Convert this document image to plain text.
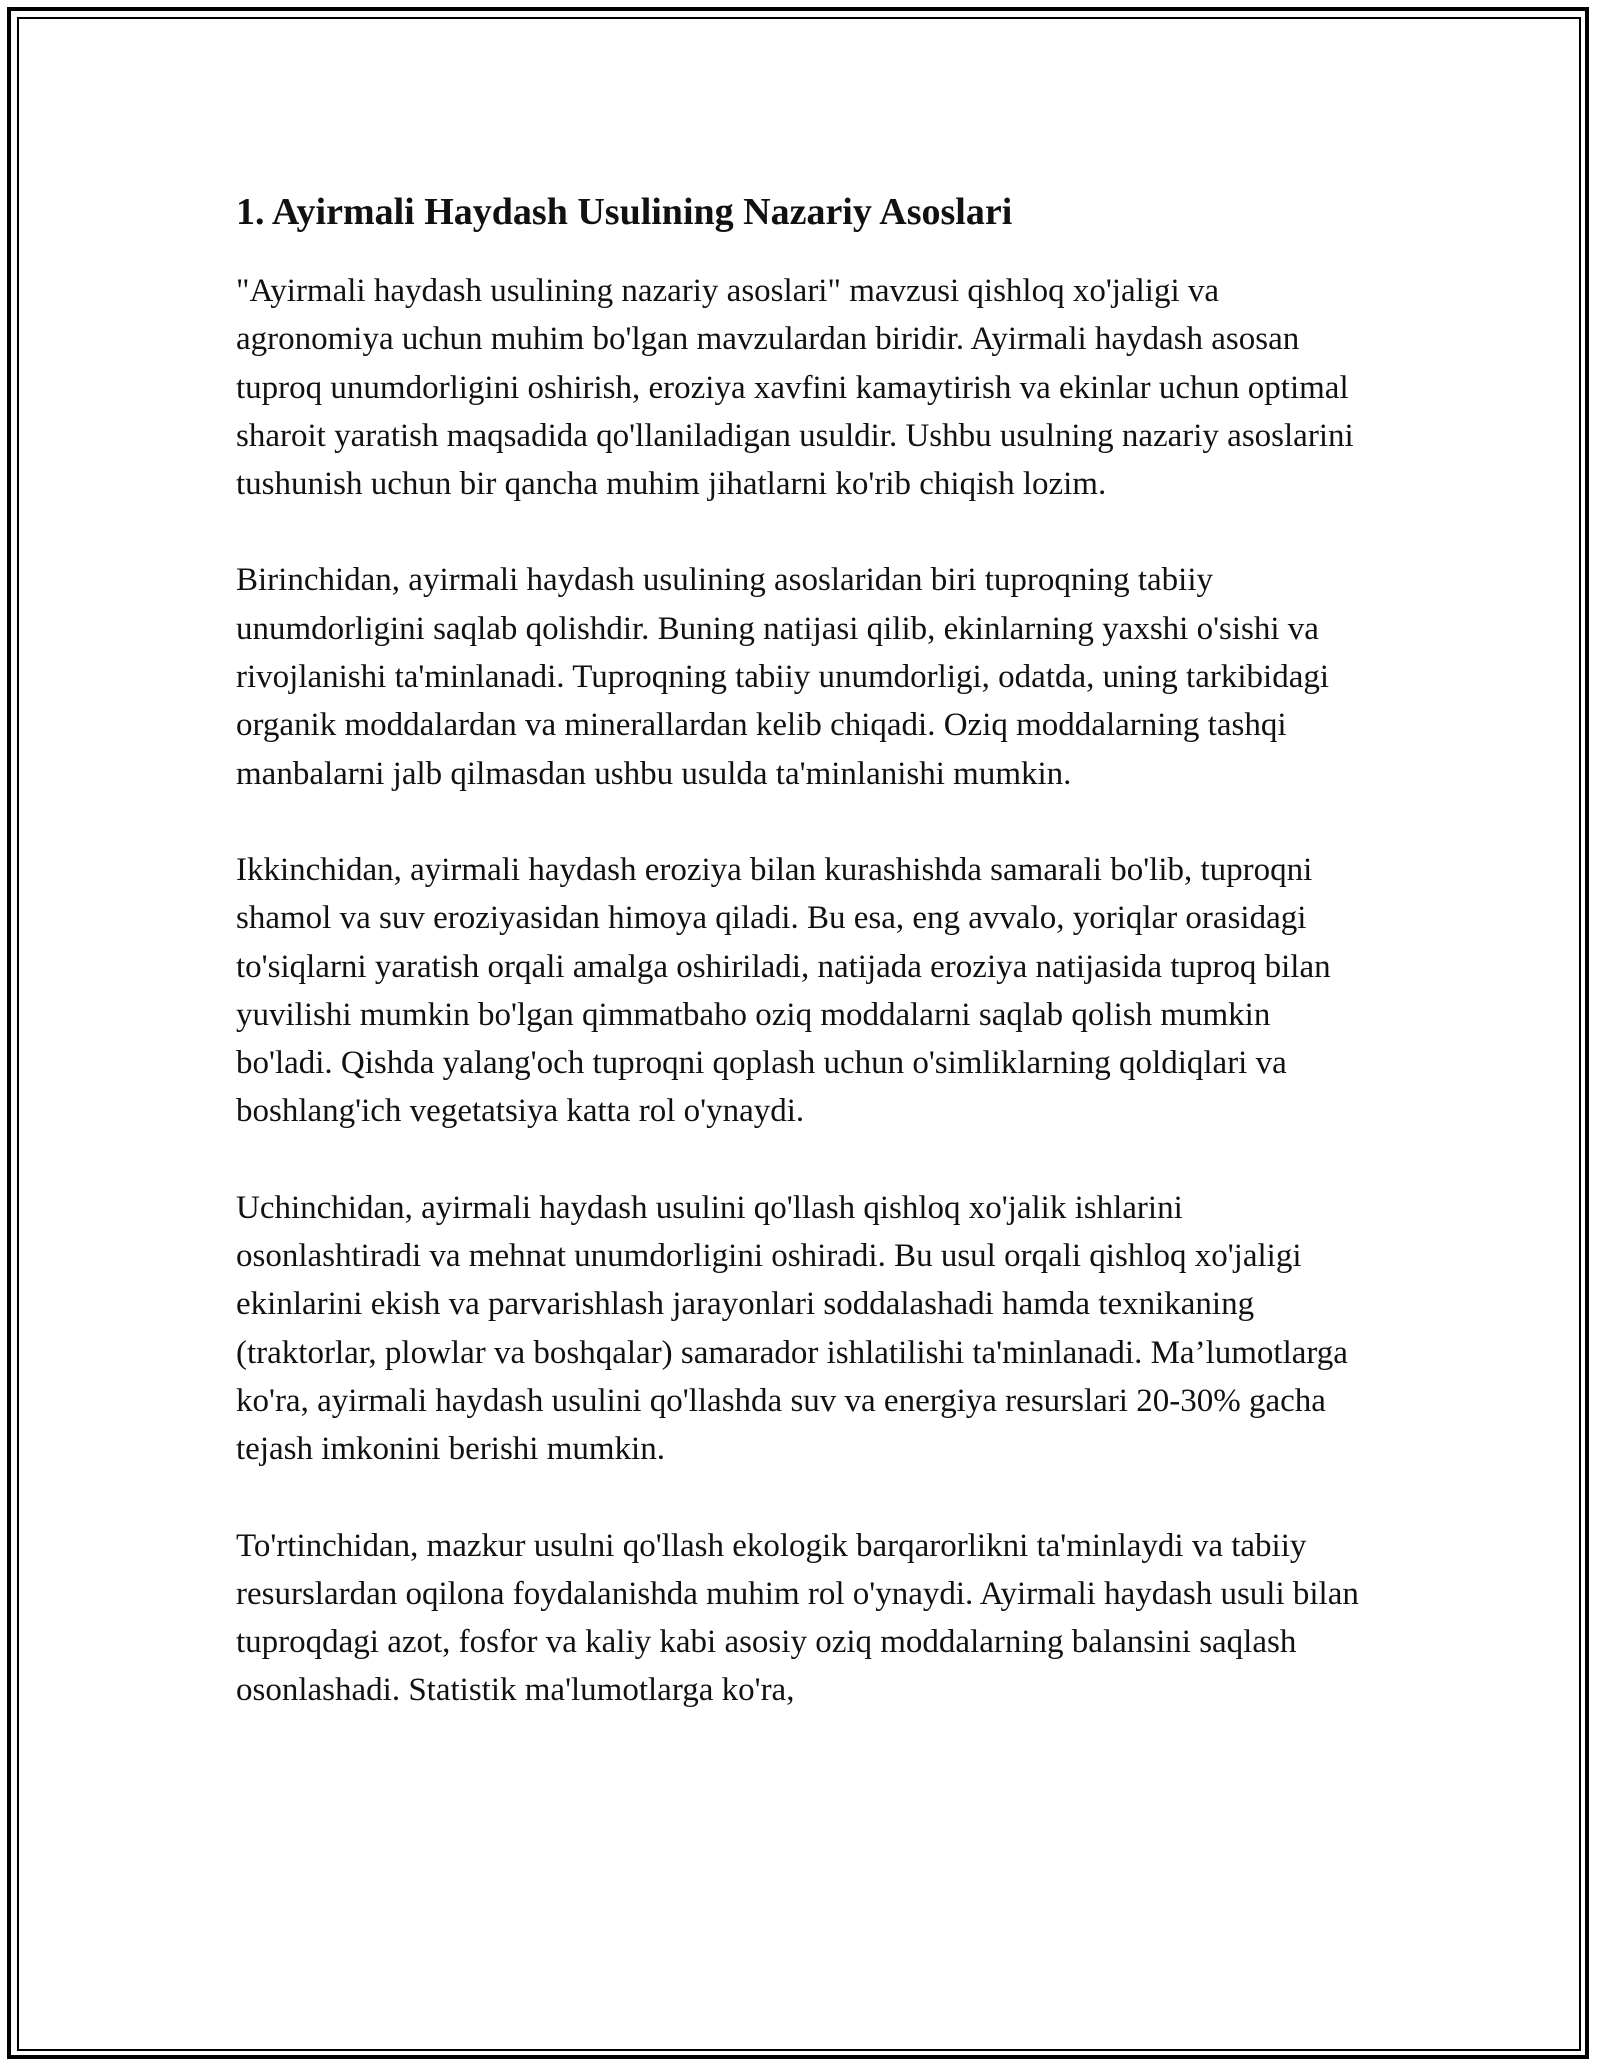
1. Ayirmali Haydash Usulining Nazariy Asoslari

"Ayirmali haydash usulining nazariy asoslari" mavzusi qishloq xo'jaligi va agronomiya uchun muhim bo'lgan mavzulardan biridir. Ayirmali haydash asosan tuproq unumdorligini oshirish, eroziya xavfini kamaytirish va ekinlar uchun optimal sharoit yaratish maqsadida qo'llaniladigan usuldir. Ushbu usulning nazariy asoslarini tushunish uchun bir qancha muhim jihatlarni ko'rib chiqish lozim.

Birinchidan, ayirmali haydash usulining asoslaridan biri tuproqning tabiiy unumdorligini saqlab qolishdir. Buning natijasi qilib, ekinlarning yaxshi o'sishi va rivojlanishi ta'minlanadi. Tuproqning tabiiy unumdorligi, odatda, uning tarkibidagi organik moddalardan va minerallardan kelib chiqadi. Oziq moddalarning tashqi manbalarni jalb qilmasdan ushbu usulda ta'minlanishi mumkin.

Ikkinchidan, ayirmali haydash eroziya bilan kurashishda samarali bo'lib, tuproqni shamol va suv eroziyasidan himoya qiladi. Bu esa, eng avvalo, yoriqlar orasidagi to'siqlarni yaratish orqali amalga oshiriladi, natijada eroziya natijasida tuproq bilan yuvilishi mumkin bo'lgan qimmatbaho oziq moddalarni saqlab qolish mumkin bo'ladi. Qishda yalang'och tuproqni qoplash uchun o'simliklarning qoldiqlari va boshlang'ich vegetatsiya katta rol o'ynaydi.

Uchinchidan, ayirmali haydash usulini qo'llash qishloq xo'jalik ishlarini osonlashtiradi va mehnat unumdorligini oshiradi. Bu usul orqali qishloq xo'jaligi ekinlarini ekish va parvarishlash jarayonlari soddalashadi hamda texnikaning (traktorlar, plowlar va boshqalar) samarador ishlatilishi ta'minlanadi. Ma’lumotlarga ko'ra, ayirmali haydash usulini qo'llashda suv va energiya resurslari 20-30% gacha tejash imkonini berishi mumkin.

To'rtinchidan, mazkur usulni qo'llash ekologik barqarorlikni ta'minlaydi va tabiiy resurslardan oqilona foydalanishda muhim rol o'ynaydi. Ayirmali haydash usuli bilan tuproqdagi azot, fosfor va kaliy kabi asosiy oziq moddalarning balansini saqlash osonlashadi. Statistik ma'lumotlarga ko'ra,
